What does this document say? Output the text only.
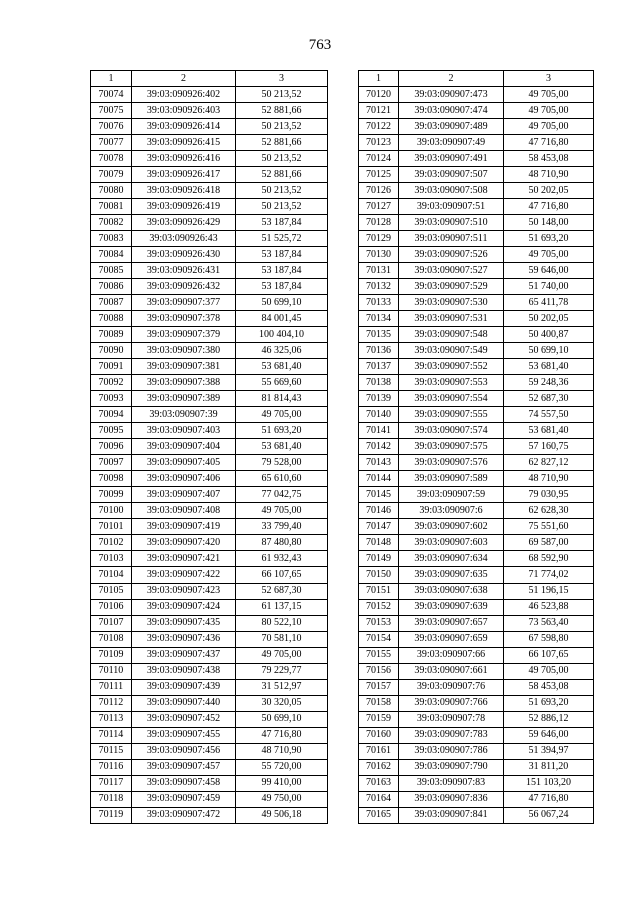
763
1	2	3
70074	39:03:090926:402	50 213,52
70075	39:03:090926:403	52 881,66
70076	39:03:090926:414	50 213,52
70077	39:03:090926:415	52 881,66
70078	39:03:090926:416	50 213,52
70079	39:03:090926:417	52 881,66
70080	39:03:090926:418	50 213,52
70081	39:03:090926:419	50 213,52
70082	39:03:090926:429	53 187,84
70083	39:03:090926:43	51 525,72
70084	39:03:090926:430	53 187,84
70085	39:03:090926:431	53 187,84
70086	39:03:090926:432	53 187,84
70087	39:03:090907:377	50 699,10
70088	39:03:090907:378	84 001,45
70089	39:03:090907:379	100 404,10
70090	39:03:090907:380	46 325,06
70091	39:03:090907:381	53 681,40
70092	39:03:090907:388	55 669,60
70093	39:03:090907:389	81 814,43
70094	39:03:090907:39	49 705,00
70095	39:03:090907:403	51 693,20
70096	39:03:090907:404	53 681,40
70097	39:03:090907:405	79 528,00
70098	39:03:090907:406	65 610,60
70099	39:03:090907:407	77 042,75
70100	39:03:090907:408	49 705,00
70101	39:03:090907:419	33 799,40
70102	39:03:090907:420	87 480,80
70103	39:03:090907:421	61 932,43
70104	39:03:090907:422	66 107,65
70105	39:03:090907:423	52 687,30
70106	39:03:090907:424	61 137,15
70107	39:03:090907:435	80 522,10
70108	39:03:090907:436	70 581,10
70109	39:03:090907:437	49 705,00
70110	39:03:090907:438	79 229,77
70111	39:03:090907:439	31 512,97
70112	39:03:090907:440	30 320,05
70113	39:03:090907:452	50 699,10
70114	39:03:090907:455	47 716,80
70115	39:03:090907:456	48 710,90
70116	39:03:090907:457	55 720,00
70117	39:03:090907:458	99 410,00
70118	39:03:090907:459	49 750,00
70119	39:03:090907:472	49 506,18
1	2	3
70120	39:03:090907:473	49 705,00
70121	39:03:090907:474	49 705,00
70122	39:03:090907:489	49 705,00
70123	39:03:090907:49	47 716,80
70124	39:03:090907:491	58 453,08
70125	39:03:090907:507	48 710,90
70126	39:03:090907:508	50 202,05
70127	39:03:090907:51	47 716,80
70128	39:03:090907:510	50 148,00
70129	39:03:090907:511	51 693,20
70130	39:03:090907:526	49 705,00
70131	39:03:090907:527	59 646,00
70132	39:03:090907:529	51 740,00
70133	39:03:090907:530	65 411,78
70134	39:03:090907:531	50 202,05
70135	39:03:090907:548	50 400,87
70136	39:03:090907:549	50 699,10
70137	39:03:090907:552	53 681,40
70138	39:03:090907:553	59 248,36
70139	39:03:090907:554	52 687,30
70140	39:03:090907:555	74 557,50
70141	39:03:090907:574	53 681,40
70142	39:03:090907:575	57 160,75
70143	39:03:090907:576	62 827,12
70144	39:03:090907:589	48 710,90
70145	39:03:090907:59	79 030,95
70146	39:03:090907:6	62 628,30
70147	39:03:090907:602	75 551,60
70148	39:03:090907:603	69 587,00
70149	39:03:090907:634	68 592,90
70150	39:03:090907:635	71 774,02
70151	39:03:090907:638	51 196,15
70152	39:03:090907:639	46 523,88
70153	39:03:090907:657	73 563,40
70154	39:03:090907:659	67 598,80
70155	39:03:090907:66	66 107,65
70156	39:03:090907:661	49 705,00
70157	39:03:090907:76	58 453,08
70158	39:03:090907:766	51 693,20
70159	39:03:090907:78	52 886,12
70160	39:03:090907:783	59 646,00
70161	39:03:090907:786	51 394,97
70162	39:03:090907:790	31 811,20
70163	39:03:090907:83	151 103,20
70164	39:03:090907:836	47 716,80
70165	39:03:090907:841	56 067,24
